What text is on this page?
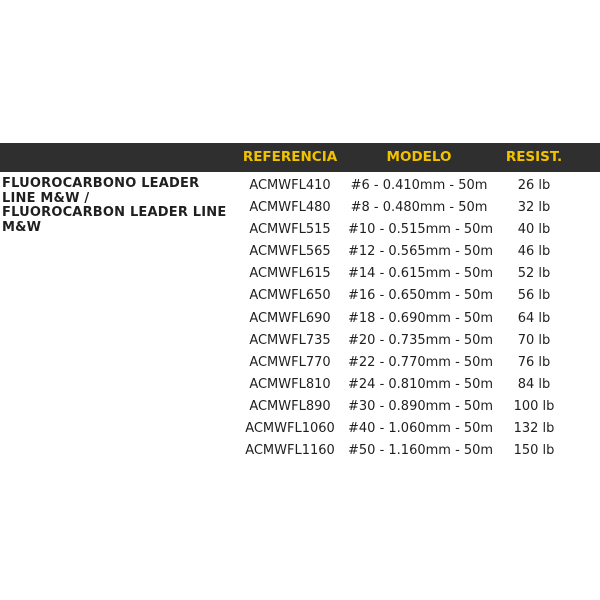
REFERENCIA	MODELO	RESIST.
FLUOROCARBONO LEADER
LINE M&W /
FLUOROCARBON LEADER LINE
M&W
ACMWFL410	#6 - 0.410mm - 50m	26 lb
ACMWFL480	#8 - 0.480mm - 50m	32 lb
ACMWFL515	#10 - 0.515mm - 50m	40 lb
ACMWFL565	#12 - 0.565mm - 50m	46 lb
ACMWFL615	#14 - 0.615mm - 50m	52 lb
ACMWFL650	#16 - 0.650mm - 50m	56 lb
ACMWFL690	#18 - 0.690mm - 50m	64 lb
ACMWFL735	#20 - 0.735mm - 50m	70 lb
ACMWFL770	#22 - 0.770mm - 50m	76 lb
ACMWFL810	#24 - 0.810mm - 50m	84 lb
ACMWFL890	#30 - 0.890mm - 50m	100 lb
ACMWFL1060	#40 - 1.060mm - 50m	132 lb
ACMWFL1160	#50 - 1.160mm - 50m	150 lb
